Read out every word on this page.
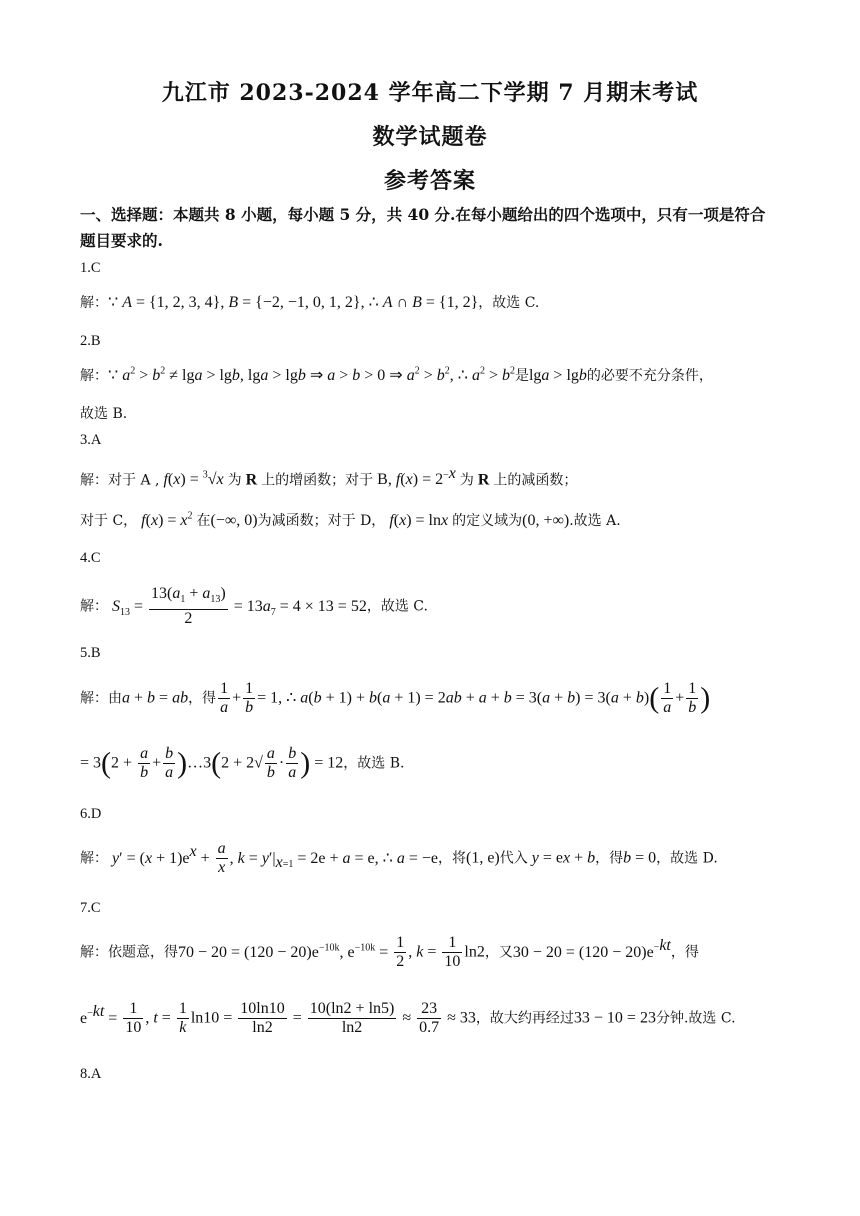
九江市 2023-2024 学年高二下学期 7 月期末考试
数学试题卷
参考答案
一、选择题：本题共 8 小题，每小题 5 分，共 40 分.在每小题给出的四个选项中，只有一项是符合题目要求的.
1.C
解：∵ A = {1, 2, 3, 4}, B = {−2, −1, 0, 1, 2}, ∴ A ∩ B = {1, 2}，故选 C.
2.B
解：∵ $a^2 > b^2 \ne \lg a > \lg b$, lga > lgb ⇒ a > b > 0 ⇒ $a^2 > b^2$, ∴ $a^2 > b^2$是lga > lgb的必要不充分条件，
故选 B.
3.A
解：对于 A , f(x) = $^3$√x 为 R 上的增函数；对于 B, $f(x) = 2^{-x}$ 为 R 上的减函数；
对于 C， $f(x) = x^2$ 在(−∞, 0)为减函数；对于 D， f(x) = lnx 的定义域为(0, +∞).故选 A.
4.C
解： $S_{13} = \frac{13(a_1 + a_{13})}{2} = 13a_7 = 4 \times 13 = 52$，故选 C.
5.B
解：由a + b = ab，得 $\frac{1}{a} + \frac{1}{b} = 1$, ∴ $a(b + 1) + b(a + 1) = 2ab + a + b = 3(a + b) = 3(a + b)( \frac{1}{a} + \frac{1}{b}$ )
= $3(2 + \frac{a}{b} + \frac{b}{a}$ )…3(2 + $2√ \frac{a}{b} \cdot \frac{b}{a}$ ) = 12，故选 B.
6.D
解： $y' = (x + 1)e^x + \frac{a}{x}$ , $k = y'|_{x=1} = 2e + a = e$, ∴ a = −e，将(1, e)代入 y = ex + b，得b = 0，故选 D.
7.C
解：依题意，得$70 - 20 = (120 - 20)e^{-10k}$, $e^{-10k} = \frac{1}{2}$ , $k = \frac{1}{10} \ln 2$，又$30 - 20 = (120 - 20)e^{-kt}$，得
$e^{-kt} = \frac{1}{10}$ , $t = \frac{1}{k} \ln 10 = \frac{10\ln 10}{\ln 2} = \frac{10(\ln 2 + \ln 5)}{\ln 2} \approx \frac{23}{0.7} \approx 33$，故大约再经过33 − 10 = 23分钟.故选 C.
8.A
